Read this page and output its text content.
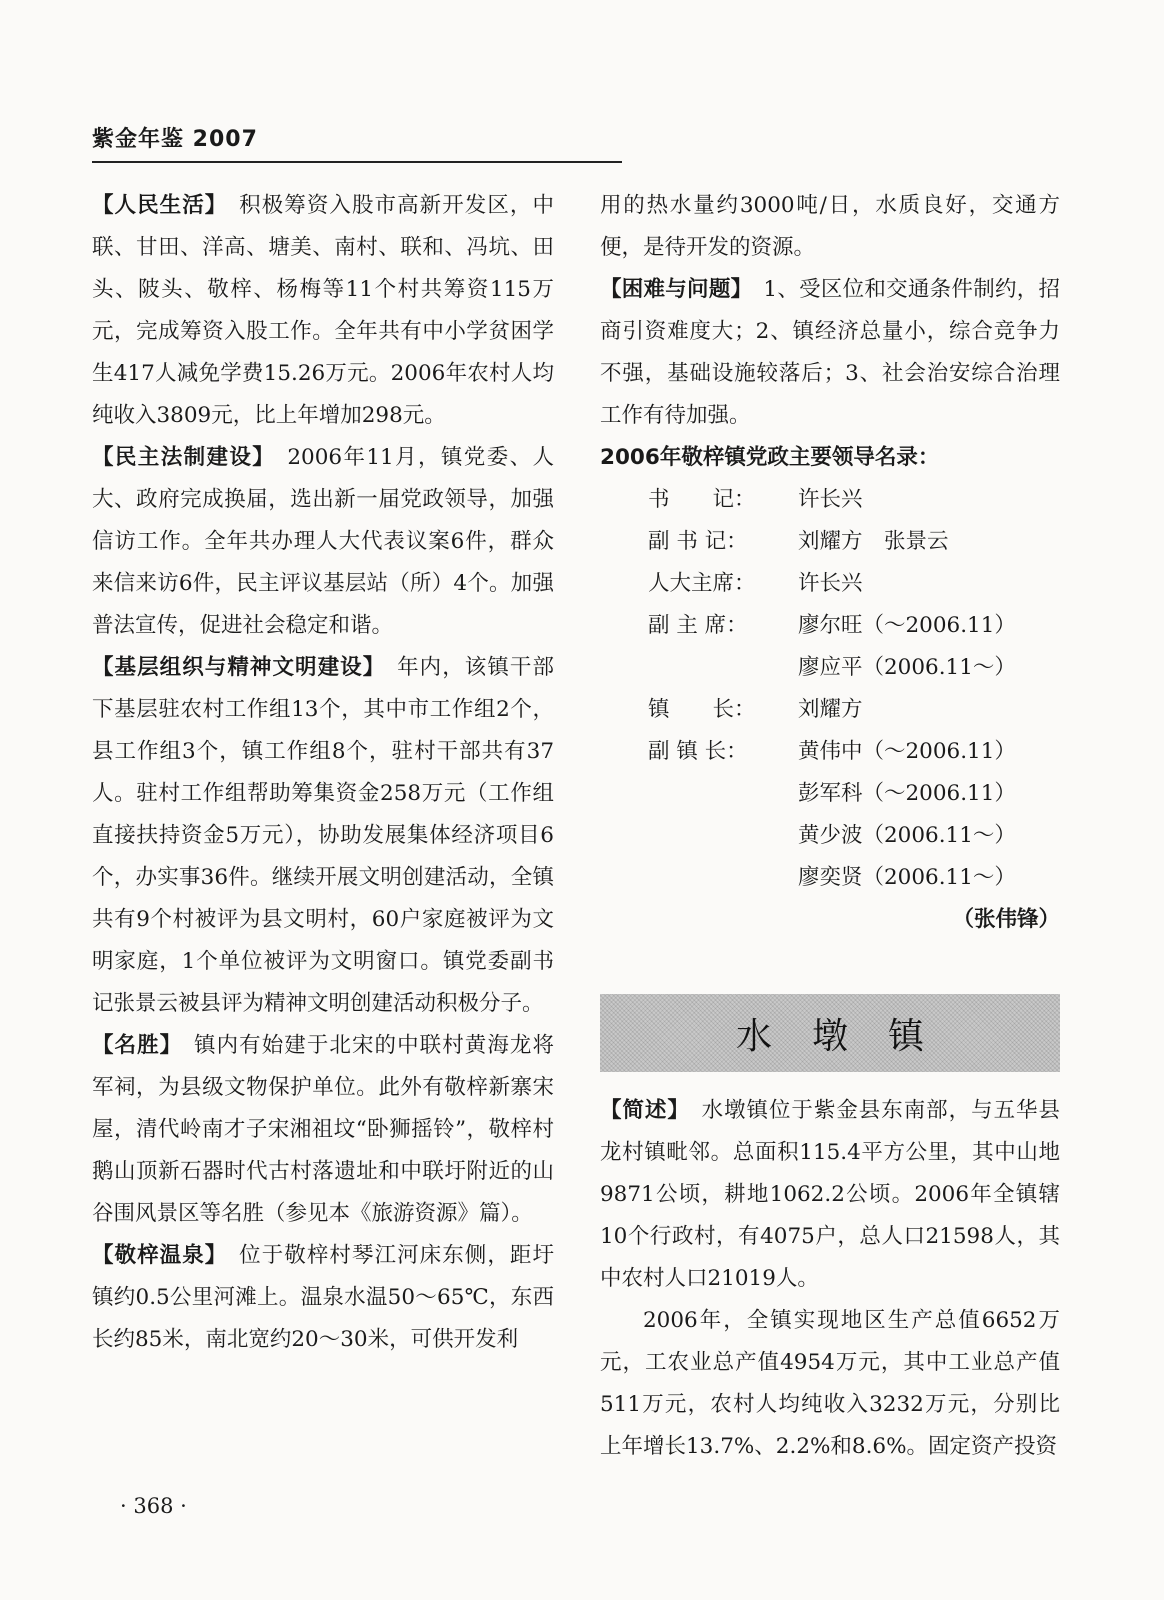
紫金年鉴 2007

【人民生活】　积极筹资入股市高新开发区，中联、甘田、洋高、塘美、南村、联和、冯坑、田头、陂头、敬梓、杨梅等11个村共筹资115万元，完成筹资入股工作。全年共有中小学贫困学生417人减免学费15.26万元。2006年农村人均纯收入3809元，比上年增加298元。

【民主法制建设】　2006年11月，镇党委、人大、政府完成换届，选出新一届党政领导，加强信访工作。全年共办理人大代表议案6件，群众来信来访6件，民主评议基层站（所）4个。加强普法宣传，促进社会稳定和谐。

【基层组织与精神文明建设】　年内，该镇干部下基层驻农村工作组13个，其中市工作组2个，县工作组3个，镇工作组8个，驻村干部共有37人。驻村工作组帮助筹集资金258万元（工作组直接扶持资金5万元），协助发展集体经济项目6个，办实事36件。继续开展文明创建活动，全镇共有9个村被评为县文明村，60户家庭被评为文明家庭，1个单位被评为文明窗口。镇党委副书记张景云被县评为精神文明创建活动积极分子。

【名胜】　镇内有始建于北宋的中联村黄海龙将军祠，为县级文物保护单位。此外有敬梓新寨宋屋，清代岭南才子宋湘祖坟“卧狮摇铃”，敬梓村鹅山顶新石器时代古村落遗址和中联圩附近的山谷围风景区等名胜（参见本《旅游资源》篇）。

【敬梓温泉】　位于敬梓村琴江河床东侧，距圩镇约0.5公里河滩上。温泉水温50～65℃，东西长约85米，南北宽约20～30米，可供开发利

用的热水量约3000吨/日，水质良好，交通方便，是待开发的资源。

【困难与问题】　1、受区位和交通条件制约，招商引资难度大；2、镇经济总量小，综合竞争力不强，基础设施较落后；3、社会治安综合治理工作有待加强。

2006年敬梓镇党政主要领导名录：

书　　记：	许长兴
副 书 记：	刘耀方　张景云
人大主席：	许长兴
副 主 席：	廖尔旺（～2006.11）
廖应平（2006.11～）
镇　　长：	刘耀方
副 镇 长：	黄伟中（～2006.11）
彭军科（～2006.11）
黄少波（2006.11～）
廖奕贤（2006.11～）

（张伟锋）

水墩镇

【简述】　水墩镇位于紫金县东南部，与五华县龙村镇毗邻。总面积115.4平方公里，其中山地9871公顷，耕地1062.2公顷。2006年全镇辖10个行政村，有4075户，总人口21598人，其中农村人口21019人。

2006年，全镇实现地区生产总值6652万元，工农业总产值4954万元，其中工业总产值511万元，农村人均纯收入3232万元，分别比上年增长13.7%、2.2%和8.6%。固定资产投资

· 368 ·
